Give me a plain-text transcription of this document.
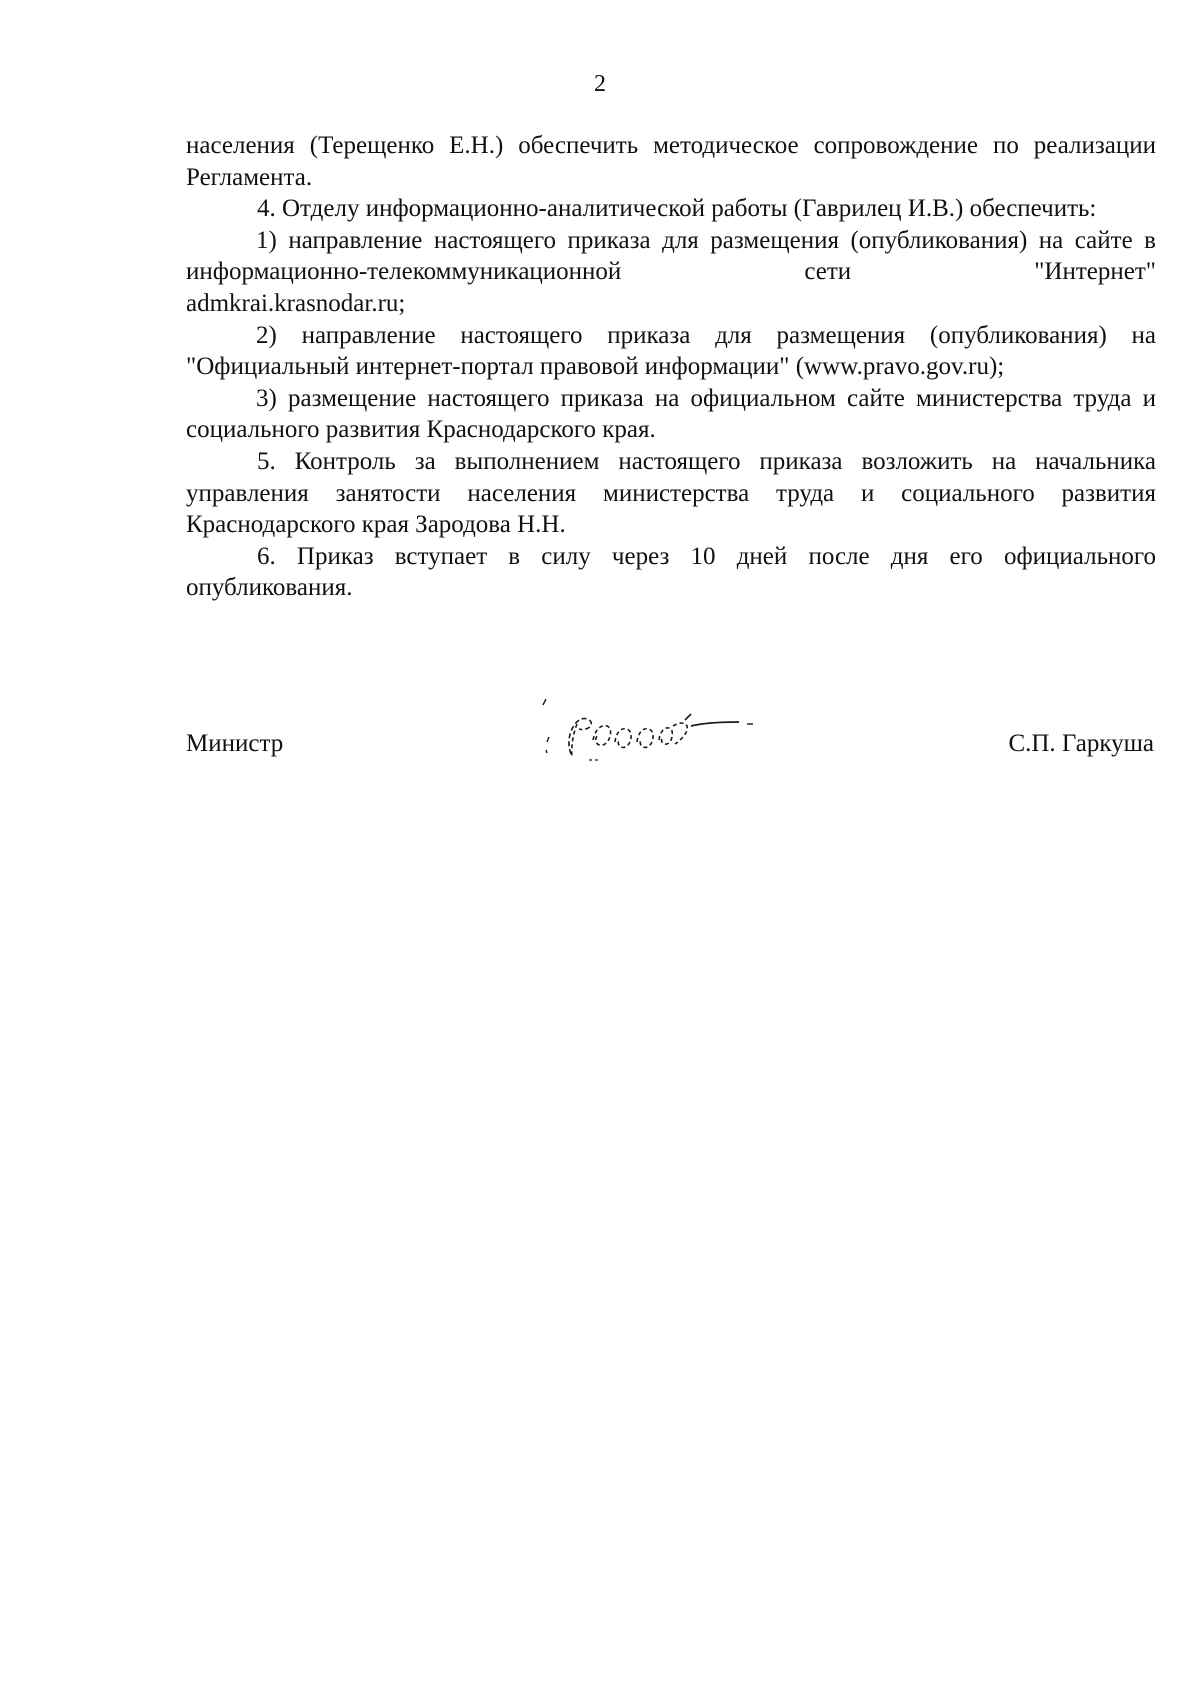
2

населения (Терещенко Е.Н.) обеспечить методическое сопровождение по реализации Регламента.

4. Отделу информационно-аналитической работы (Гаврилец И.В.) обеспечить:

1) направление настоящего приказа для размещения (опубликования) на сайте в информационно-телекоммуникационной сети "Интернет"

admkrai.krasnodar.ru;

2) направление настоящего приказа для размещения (опубликования) на "Официальный интернет-портал правовой информации" (www.pravo.gov.ru);

3) размещение настоящего приказа на официальном сайте министерства труда и социального развития Краснодарского края.

5. Контроль за выполнением настоящего приказа возложить на начальника управления занятости населения министерства труда и социального развития Краснодарского края Зародова Н.Н.

6. Приказ вступает в силу через 10 дней после дня его официального опубликования.

Министр	С.П. Гаркуша
